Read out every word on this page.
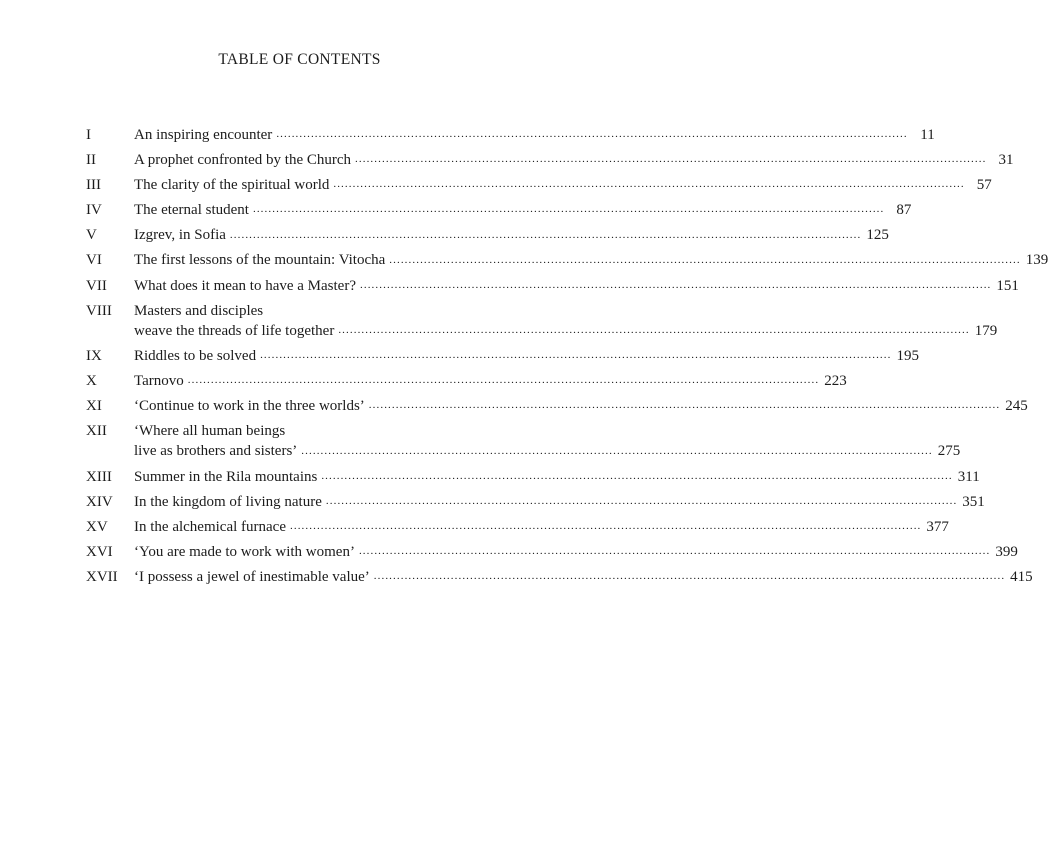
TABLE OF CONTENTS
I	An inspiring encounter .................................................................................................................................................................... 11
II	A prophet confronted by the Church .................................................................................................................................................................... 31
III	The clarity of the spiritual world .................................................................................................................................................................... 57
IV	The eternal student .................................................................................................................................................................... 87
V	Izgrev, in Sofia .................................................................................................................................................................... 125
VI	The first lessons of the mountain: Vitocha .................................................................................................................................................................... 139
VII	What does it mean to have a Master? .................................................................................................................................................................... 151
VIII	Masters and disciples
weave the threads of life together .................................................................................................................................................................... 179
IX	Riddles to be solved .................................................................................................................................................................... 195
X	Tarnovo .................................................................................................................................................................... 223
XI	‘Continue to work in the three worlds’ .................................................................................................................................................................... 245
XII	‘Where all human beings
live as brothers and sisters’ .................................................................................................................................................................... 275
XIII	Summer in the Rila mountains .................................................................................................................................................................... 311
XIV	In the kingdom of living nature .................................................................................................................................................................... 351
XV	In the alchemical furnace .................................................................................................................................................................... 377
XVI	‘You are made to work with women’ .................................................................................................................................................................... 399
XVII	‘I possess a jewel of inestimable value’ .................................................................................................................................................................... 415
